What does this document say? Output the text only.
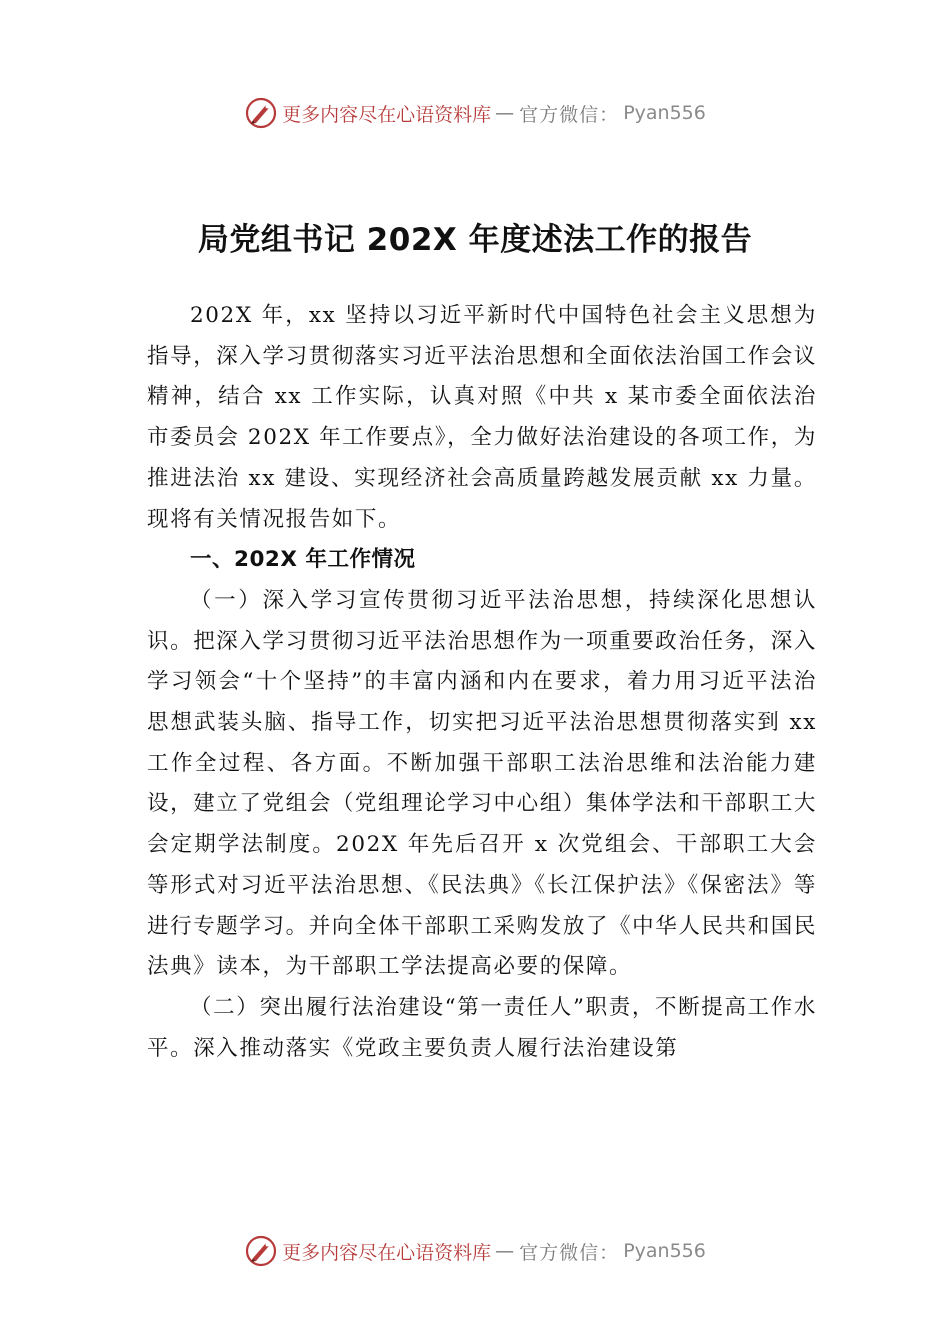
更多内容尽在心语资料库 — 官方微信： Pyan556
局党组书记 202X 年度述法工作的报告

202X 年，xx 坚持以习近平新时代中国特色社会主义思想为指导，深入学习贯彻落实习近平法治思想和全面依法治国工作会议精神，结合 xx 工作实际，认真对照《中共 x 某市委全面依法治市委员会 202X 年工作要点》，全力做好法治建设的各项工作，为推进法治 xx 建设、实现经济社会高质量跨越发展贡献 xx 力量。现将有关情况报告如下。

一、202X 年工作情况

（一）深入学习宣传贯彻习近平法治思想，持续深化思想认识。把深入学习贯彻习近平法治思想作为一项重要政治任务，深入学习领会“十个坚持”的丰富内涵和内在要求，着力用习近平法治思想武装头脑、指导工作，切实把习近平法治思想贯彻落实到 xx 工作全过程、各方面。不断加强干部职工法治思维和法治能力建设，建立了党组会（党组理论学习中心组）集体学法和干部职工大会定期学法制度。202X 年先后召开 x 次党组会、干部职工大会等形式对习近平法治思想、《民法典》《长江保护法》《保密法》等进行专题学习。并向全体干部职工采购发放了《中华人民共和国民法典》读本，为干部职工学法提高必要的保障。

（二）突出履行法治建设“第一责任人”职责，不断提高工作水平。深入推动落实《党政主要负责人履行法治建设第

更多内容尽在心语资料库 — 官方微信： Pyan556
